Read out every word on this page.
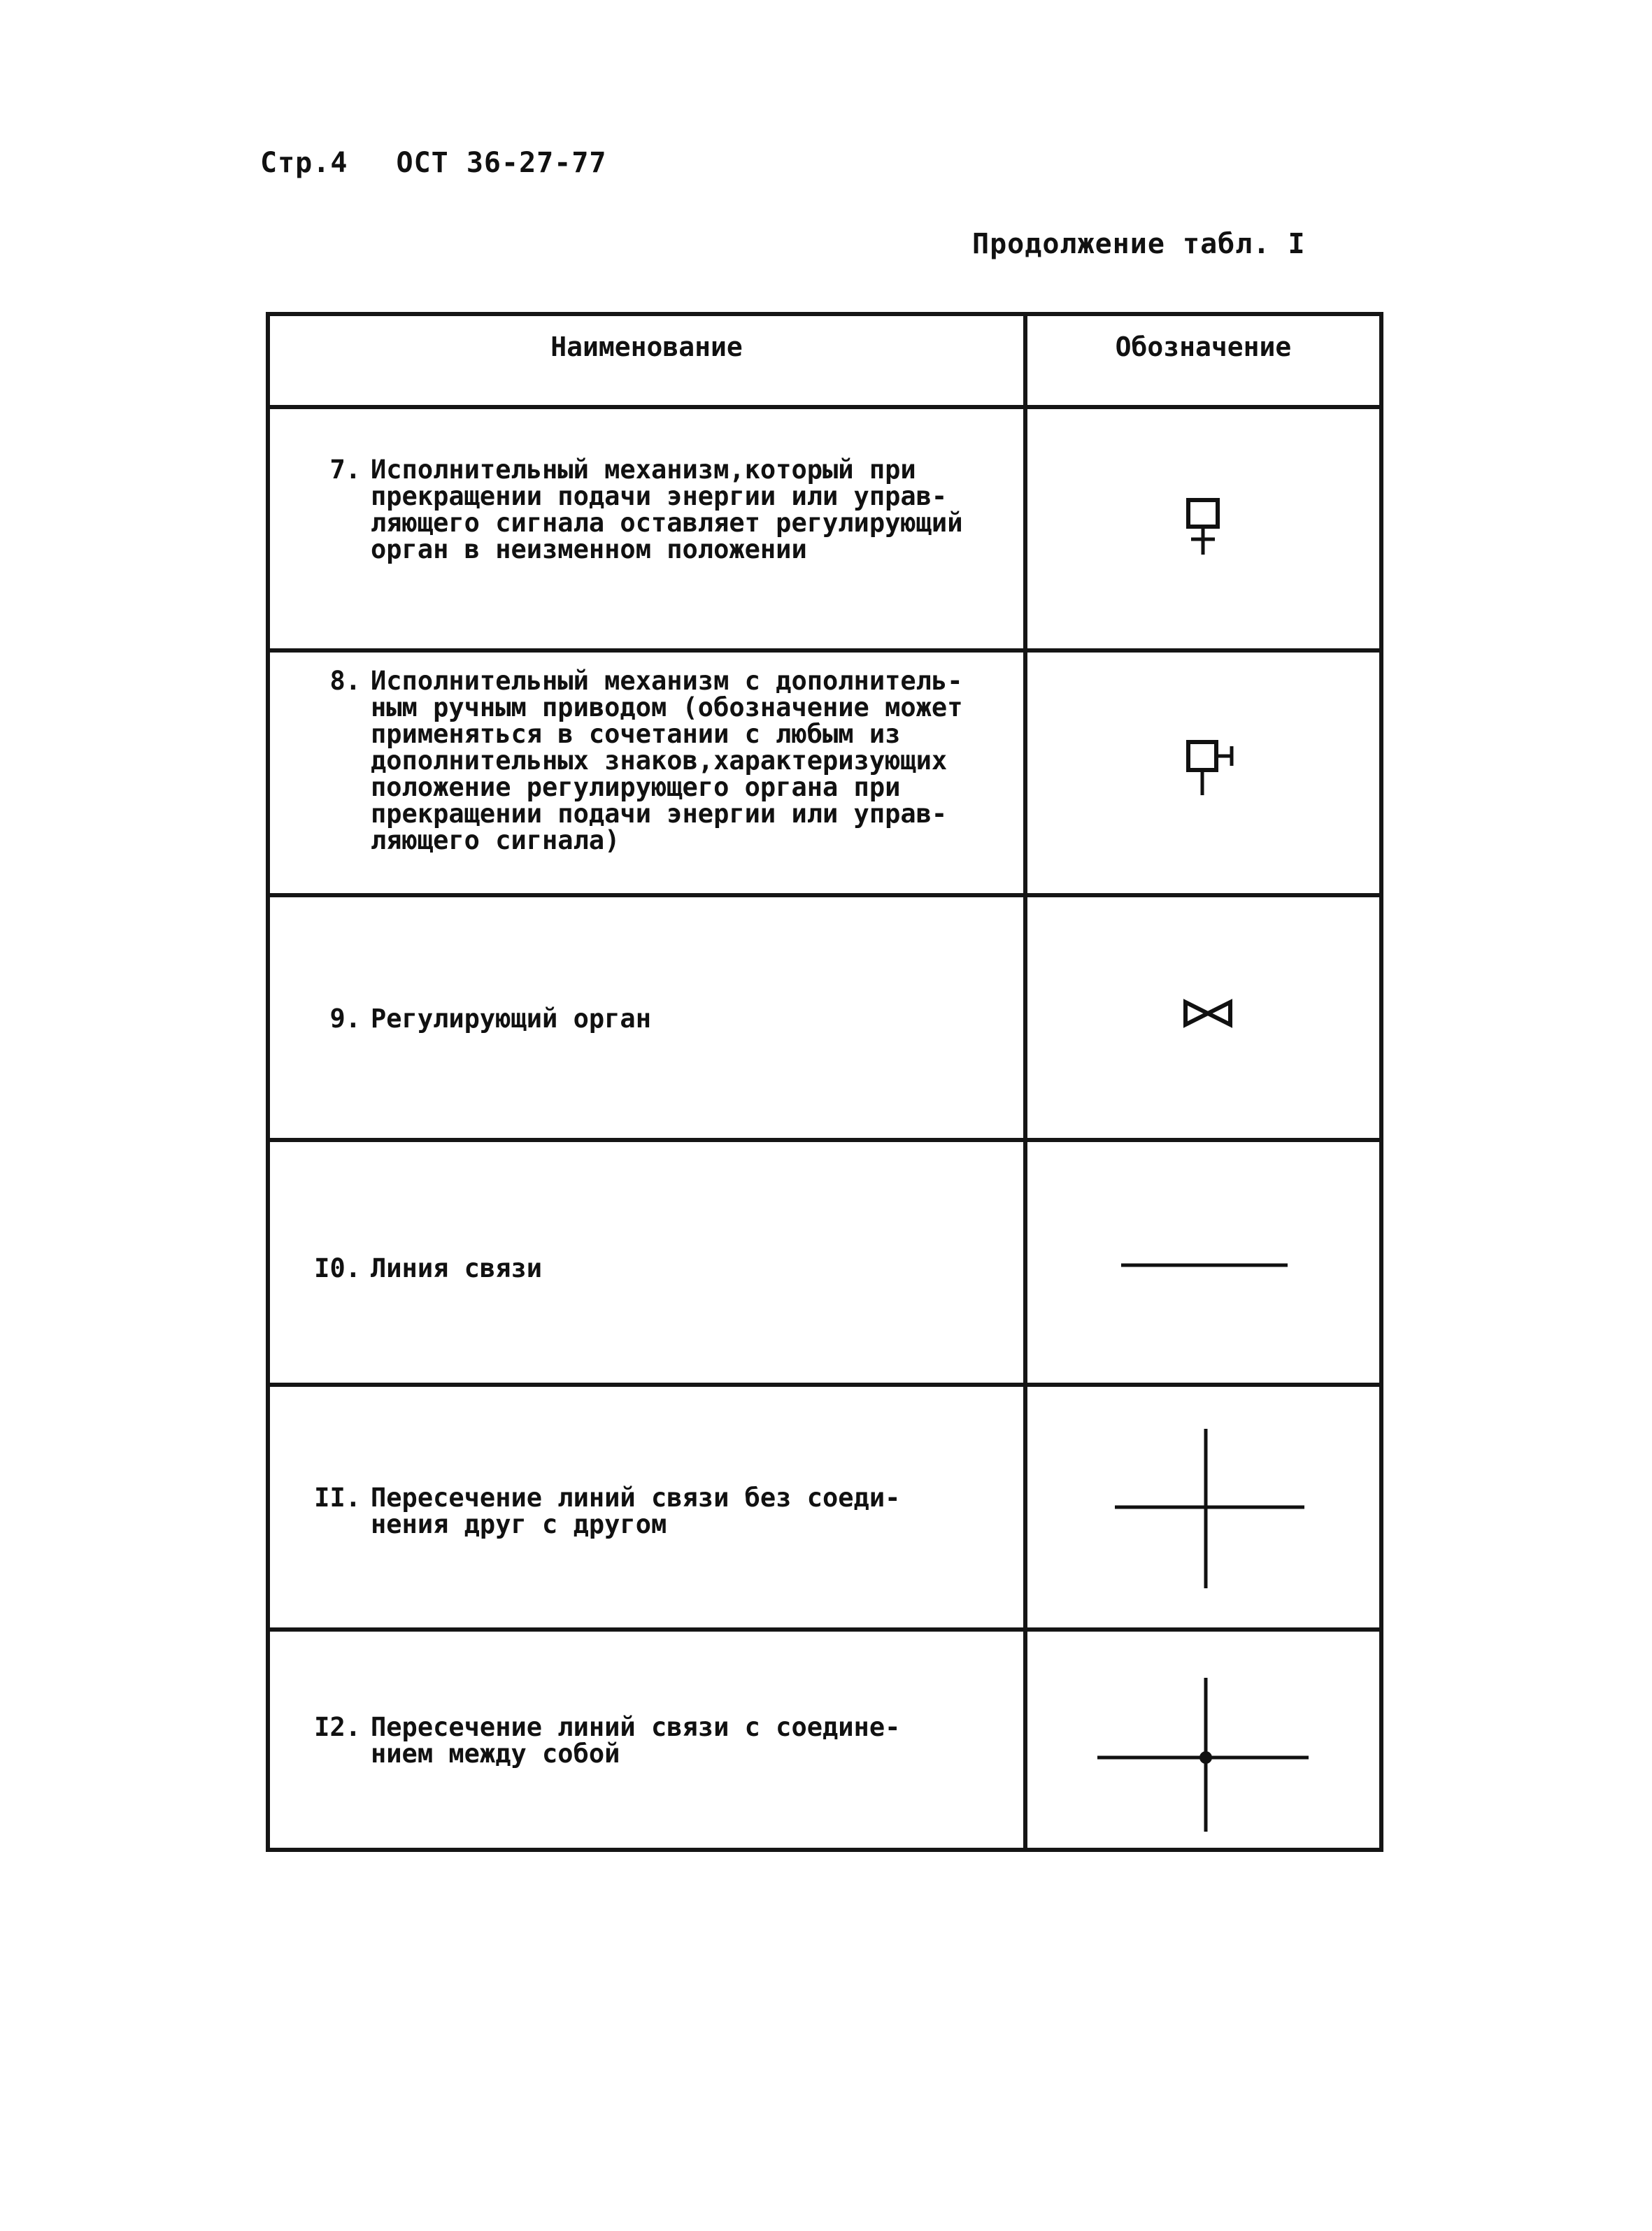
Стр.4 ОСТ 36-27-77
Продолжение табл. I
Наименование	Обозначение
7. Исполнительный механизм,который при
прекращении подачи энергии или управ-
ляющего сигнала оставляет регулирующий
орган в неизменном положении
8. Исполнительный механизм с дополнитель-
ным ручным приводом (обозначение может
применяться в сочетании с любым из
дополнительных знаков,характеризующих
положение регулирующего органа при
прекращении подачи энергии или управ-
ляющего сигнала)
9. Регулирующий орган
I0. Линия связи
II. Пересечение линий связи без соеди-
нения друг с другом
I2. Пересечение линий связи с соедине-
нием между собой
